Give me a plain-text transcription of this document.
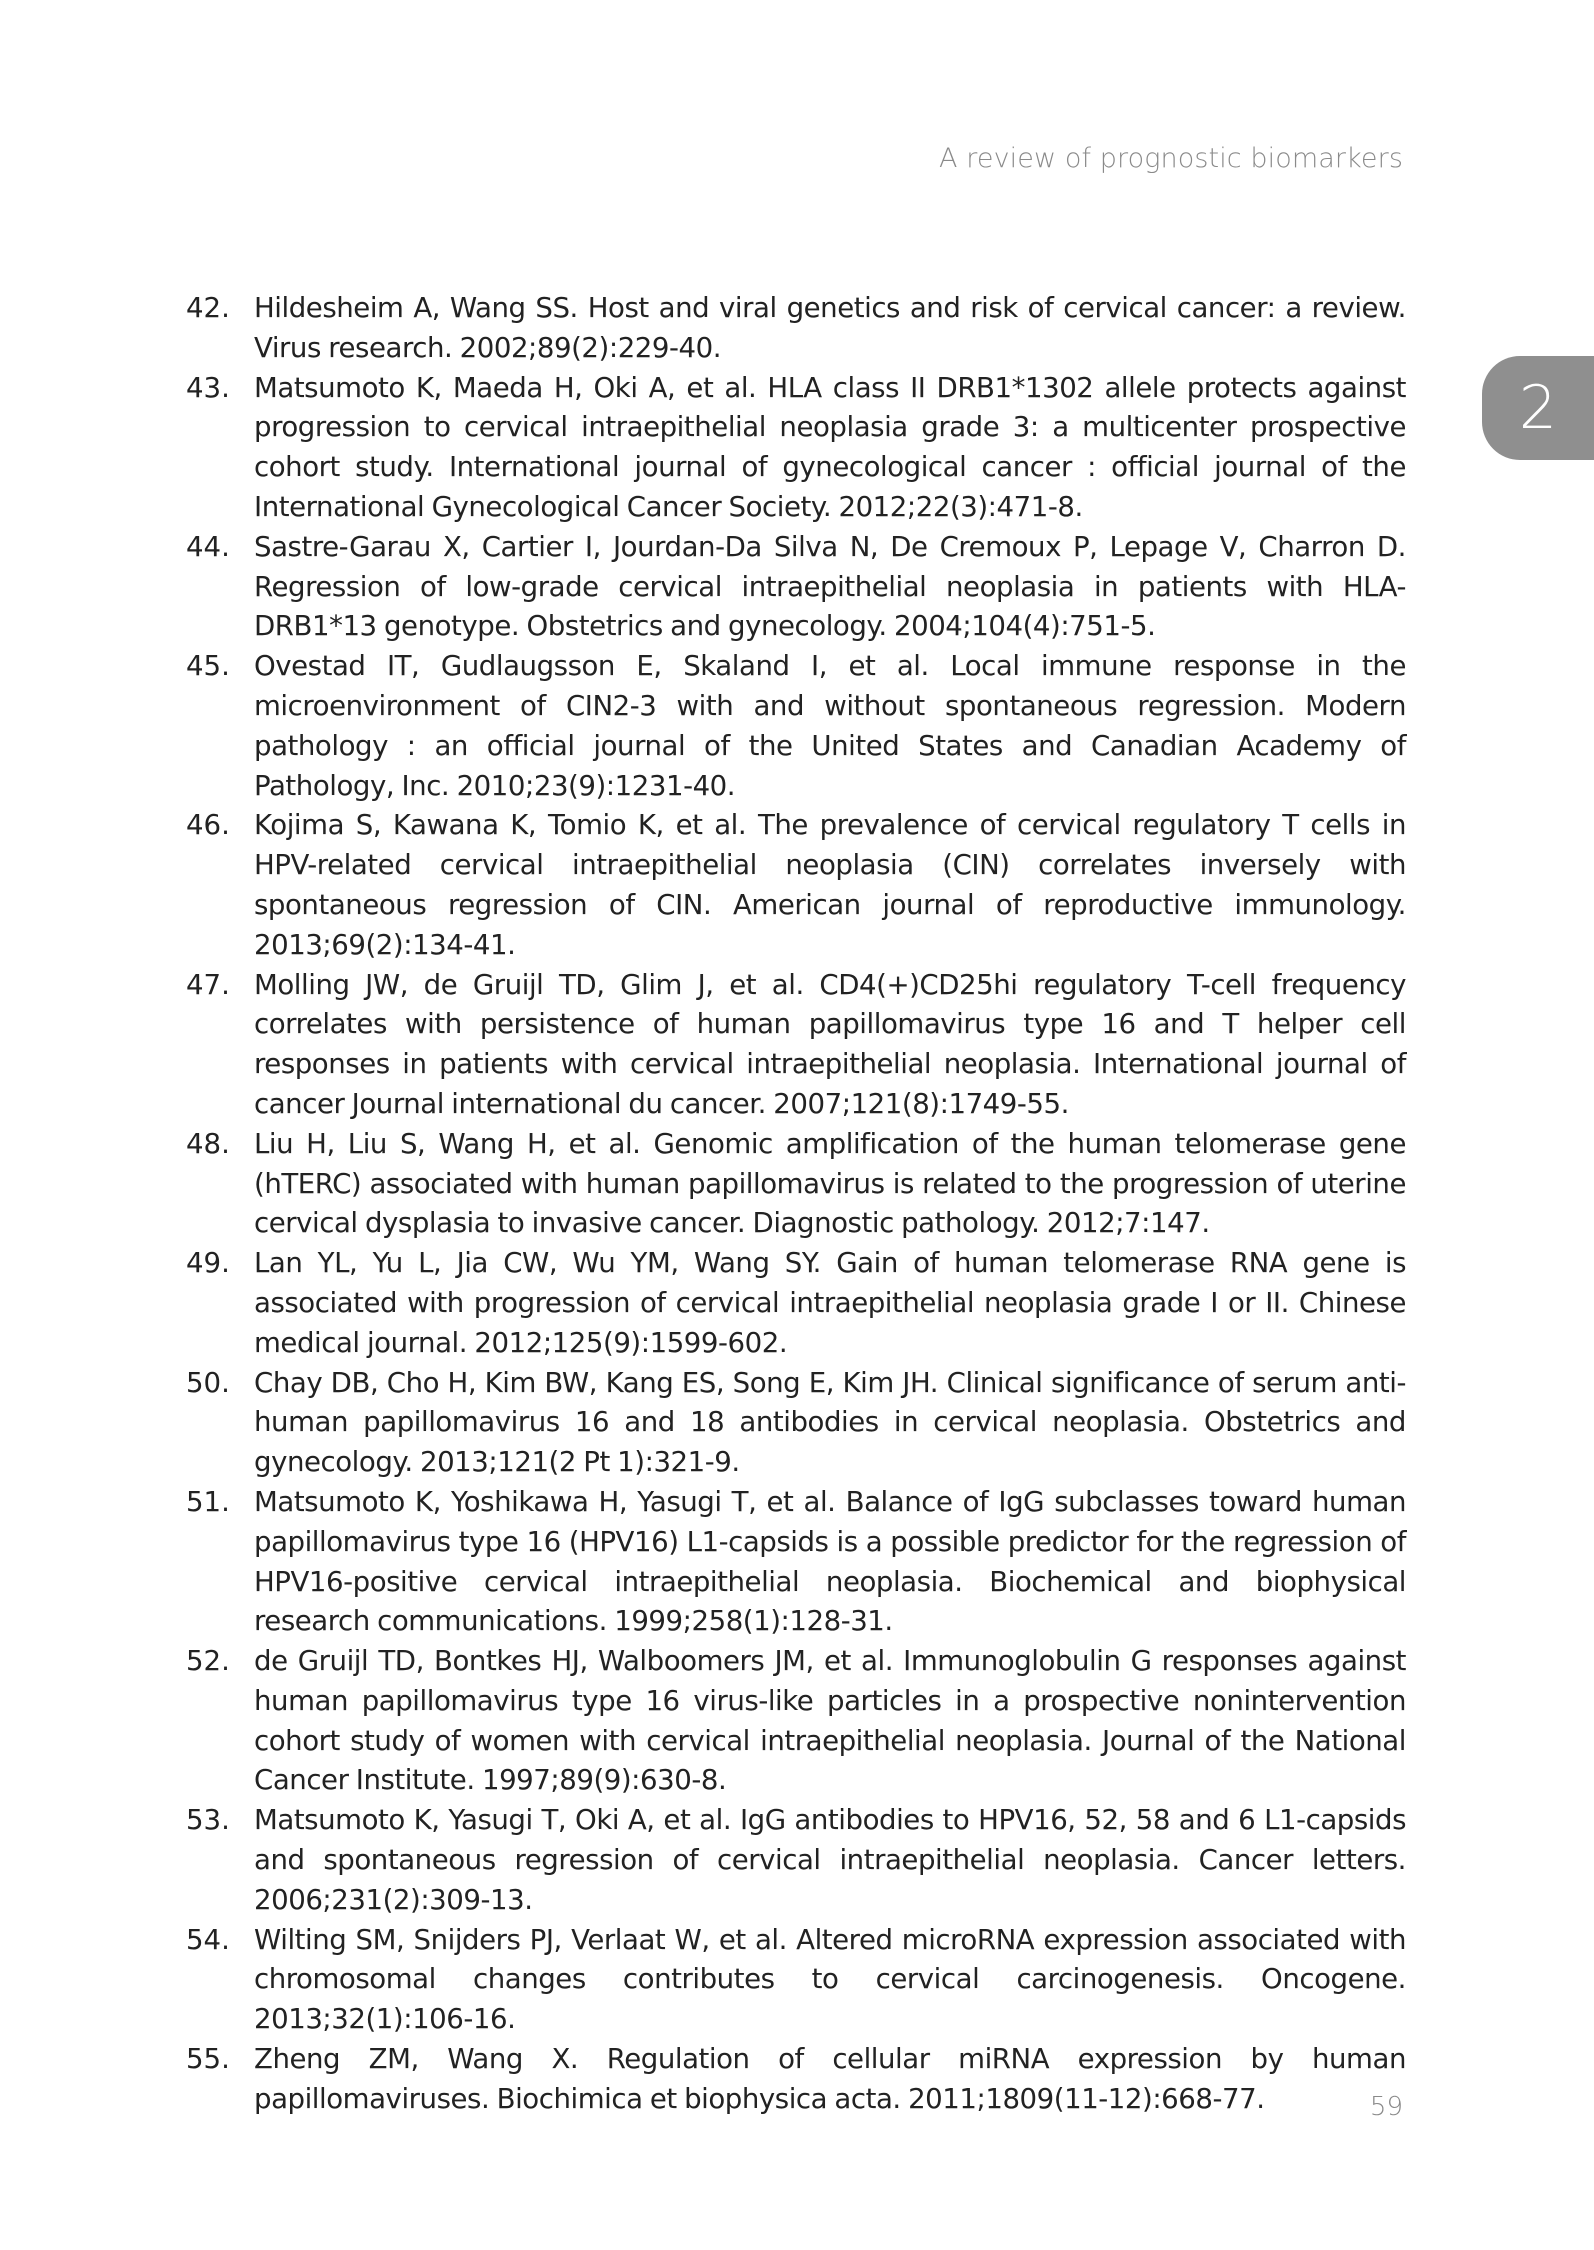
A review of prognostic biomarkers
2
42. Hildesheim A, Wang SS. Host and viral genetics and risk of cervical cancer: a review. Virus research. 2002;89(2):229-40.
43. Matsumoto K, Maeda H, Oki A, et al. HLA class II DRB1*1302 allele protects against progression to cervical intraepithelial neoplasia grade 3: a multicenter prospective cohort study. International journal of gynecological cancer : official journal of the International Gynecological Cancer Society. 2012;22(3):471-8.
44. Sastre-Garau X, Cartier I, Jourdan-Da Silva N, De Cremoux P, Lepage V, Charron D. Regression of low-grade cervical intraepithelial neoplasia in patients with HLA-DRB1*13 genotype. Obstetrics and gynecology. 2004;104(4):751-5.
45. Ovestad IT, Gudlaugsson E, Skaland I, et al. Local immune response in the microenvironment of CIN2-3 with and without spontaneous regression. Modern pathology : an official journal of the United States and Canadian Academy of Pathology, Inc. 2010;23(9):1231-40.
46. Kojima S, Kawana K, Tomio K, et al. The prevalence of cervical regulatory T cells in HPV-related cervical intraepithelial neoplasia (CIN) correlates inversely with spontaneous regression of CIN. American journal of reproductive immunology. 2013;69(2):134-41.
47. Molling JW, de Gruijl TD, Glim J, et al. CD4(+)CD25hi regulatory T-cell frequency correlates with persistence of human papillomavirus type 16 and T helper cell responses in patients with cervical intraepithelial neoplasia. International journal of cancer Journal international du cancer. 2007;121(8):1749-55.
48. Liu H, Liu S, Wang H, et al. Genomic amplification of the human telomerase gene (hTERC) associated with human papillomavirus is related to the progression of uterine cervical dysplasia to invasive cancer. Diagnostic pathology. 2012;7:147.
49. Lan YL, Yu L, Jia CW, Wu YM, Wang SY. Gain of human telomerase RNA gene is associated with progression of cervical intraepithelial neoplasia grade I or II. Chinese medical journal. 2012;125(9):1599-602.
50. Chay DB, Cho H, Kim BW, Kang ES, Song E, Kim JH. Clinical significance of serum anti-human papillomavirus 16 and 18 antibodies in cervical neoplasia. Obstetrics and gynecology. 2013;121(2 Pt 1):321-9.
51. Matsumoto K, Yoshikawa H, Yasugi T, et al. Balance of IgG subclasses toward human papillomavirus type 16 (HPV16) L1-capsids is a possible predictor for the regression of HPV16-positive cervical intraepithelial neoplasia. Biochemical and biophysical research communications. 1999;258(1):128-31.
52. de Gruijl TD, Bontkes HJ, Walboomers JM, et al. Immunoglobulin G responses against human papillomavirus type 16 virus-like particles in a prospective nonintervention cohort study of women with cervical intraepithelial neoplasia. Journal of the National Cancer Institute. 1997;89(9):630-8.
53. Matsumoto K, Yasugi T, Oki A, et al. IgG antibodies to HPV16, 52, 58 and 6 L1-capsids and spontaneous regression of cervical intraepithelial neoplasia. Cancer letters. 2006;231(2):309-13.
54. Wilting SM, Snijders PJ, Verlaat W, et al. Altered microRNA expression associated with chromosomal changes contributes to cervical carcinogenesis. Oncogene. 2013;32(1):106-16.
55. Zheng ZM, Wang X. Regulation of cellular miRNA expression by human papillomaviruses. Biochimica et biophysica acta. 2011;1809(11-12):668-77.	59
